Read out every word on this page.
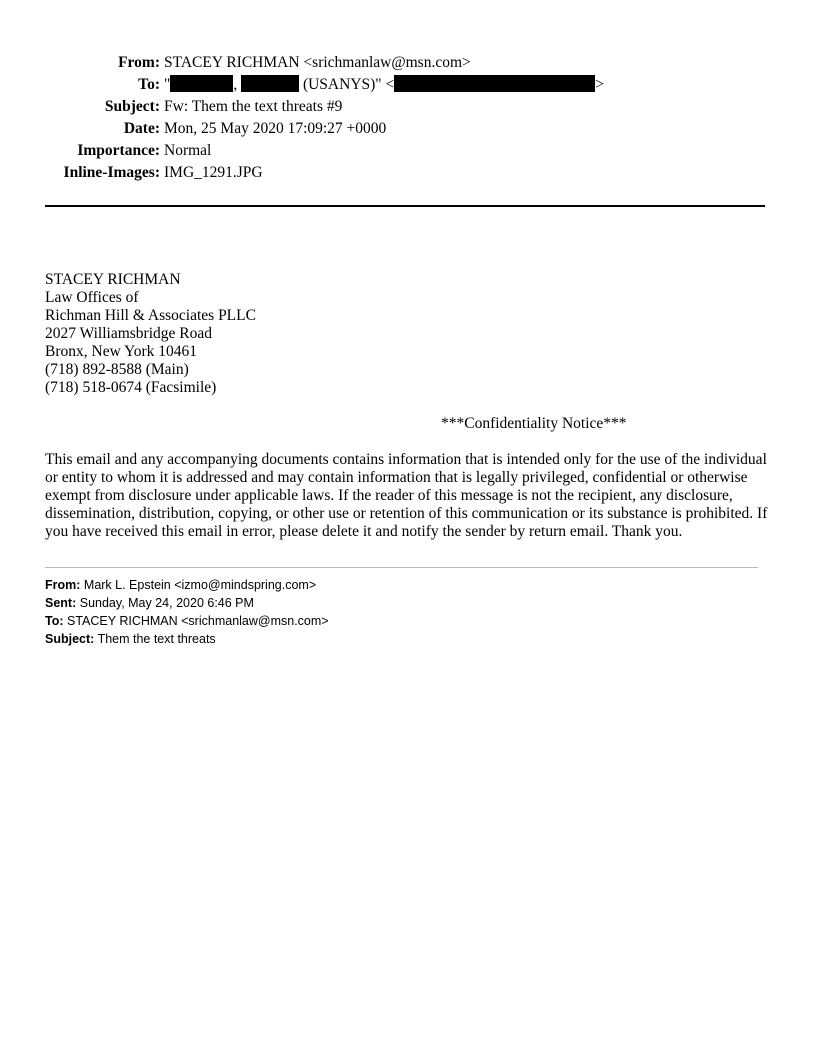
From: STACEY RICHMAN <srichmanlaw@msn.com>
To: "	,	(USANYS)" <	>
Subject: Fw: Them the text threats #9
Date: Mon, 25 May 2020 17:09:27 +0000
Importance: Normal
Inline-Images: IMG_1291.JPG
STACEY RICHMAN
Law Offices of
Richman Hill & Associates PLLC
2027 Williamsbridge Road
Bronx, New York 10461
(718) 892-8588 (Main)
(718) 518-0674 (Facsimile)
***Confidentiality Notice***
This email and any accompanying documents contains information that is intended only for the use of the individual or entity to whom it is addressed and may contain information that is legally privileged, confidential or otherwise exempt from disclosure under applicable laws. If the reader of this message is not the recipient, any disclosure, dissemination, distribution, copying, or other use or retention of this communication or its substance is prohibited. If you have received this email in error, please delete it and notify the sender by return email. Thank you.
From: Mark L. Epstein <izmo@mindspring.com>
Sent: Sunday, May 24, 2020 6:46 PM
To: STACEY RICHMAN <srichmanlaw@msn.com>
Subject: Them the text threats
